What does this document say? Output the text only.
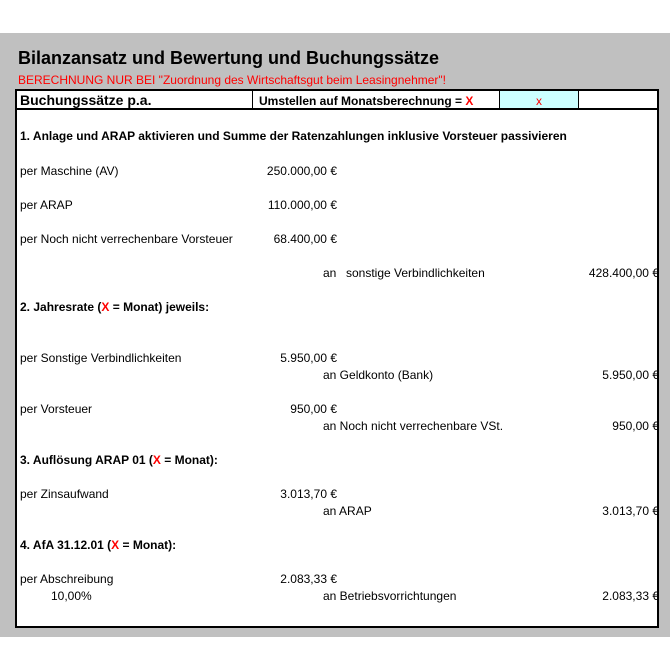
Bilanzansatz und Bewertung und Buchungssätze
BERECHNUNG NUR BEI "Zuordnung des Wirtschaftsgut beim Leasingnehmer"!
Buchungssätze p.a.	Umstellen auf Monatsberechnung = X	x
1. Anlage und ARAP aktivieren und Summe der Ratenzahlungen inklusive Vorsteuer passivieren
per Maschine (AV)	250.000,00 €
per ARAP	110.000,00 €
per Noch nicht verrechenbare Vorsteuer	68.400,00 €
an sonstige Verbindlichkeiten	428.400,00 €
2. Jahresrate (X = Monat) jeweils:
per Sonstige Verbindlichkeiten	5.950,00 €
an Geldkonto (Bank)	5.950,00 €
per Vorsteuer	950,00 €
an Noch nicht verrechenbare VSt.	950,00 €
3. Auflösung ARAP 01 (X = Monat):
per Zinsaufwand	3.013,70 €
an ARAP	3.013,70 €
4. AfA 31.12.01 (X = Monat):
per Abschreibung	2.083,33 €
10,00%	an Betriebsvorrichtungen	2.083,33 €
